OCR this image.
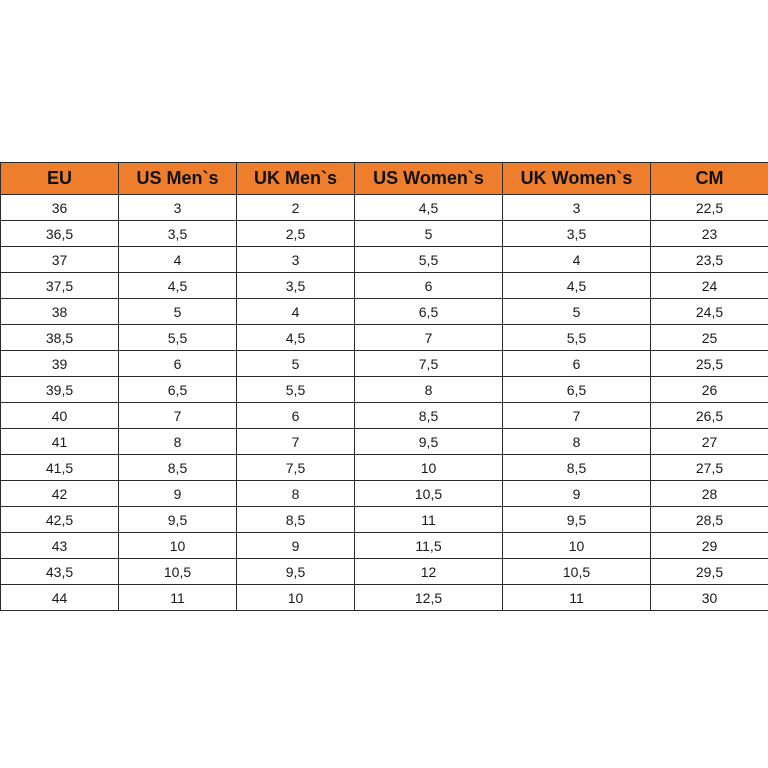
EU	US Men`s	UK Men`s	US Women`s	UK Women`s	CM
36	3	2	4,5	3	22,5
36,5	3,5	2,5	5	3,5	23
37	4	3	5,5	4	23,5
37,5	4,5	3,5	6	4,5	24
38	5	4	6,5	5	24,5
38,5	5,5	4,5	7	5,5	25
39	6	5	7,5	6	25,5
39,5	6,5	5,5	8	6,5	26
40	7	6	8,5	7	26,5
41	8	7	9,5	8	27
41,5	8,5	7,5	10	8,5	27,5
42	9	8	10,5	9	28
42,5	9,5	8,5	11	9,5	28,5
43	10	9	11,5	10	29
43,5	10,5	9,5	12	10,5	29,5
44	11	10	12,5	11	30
